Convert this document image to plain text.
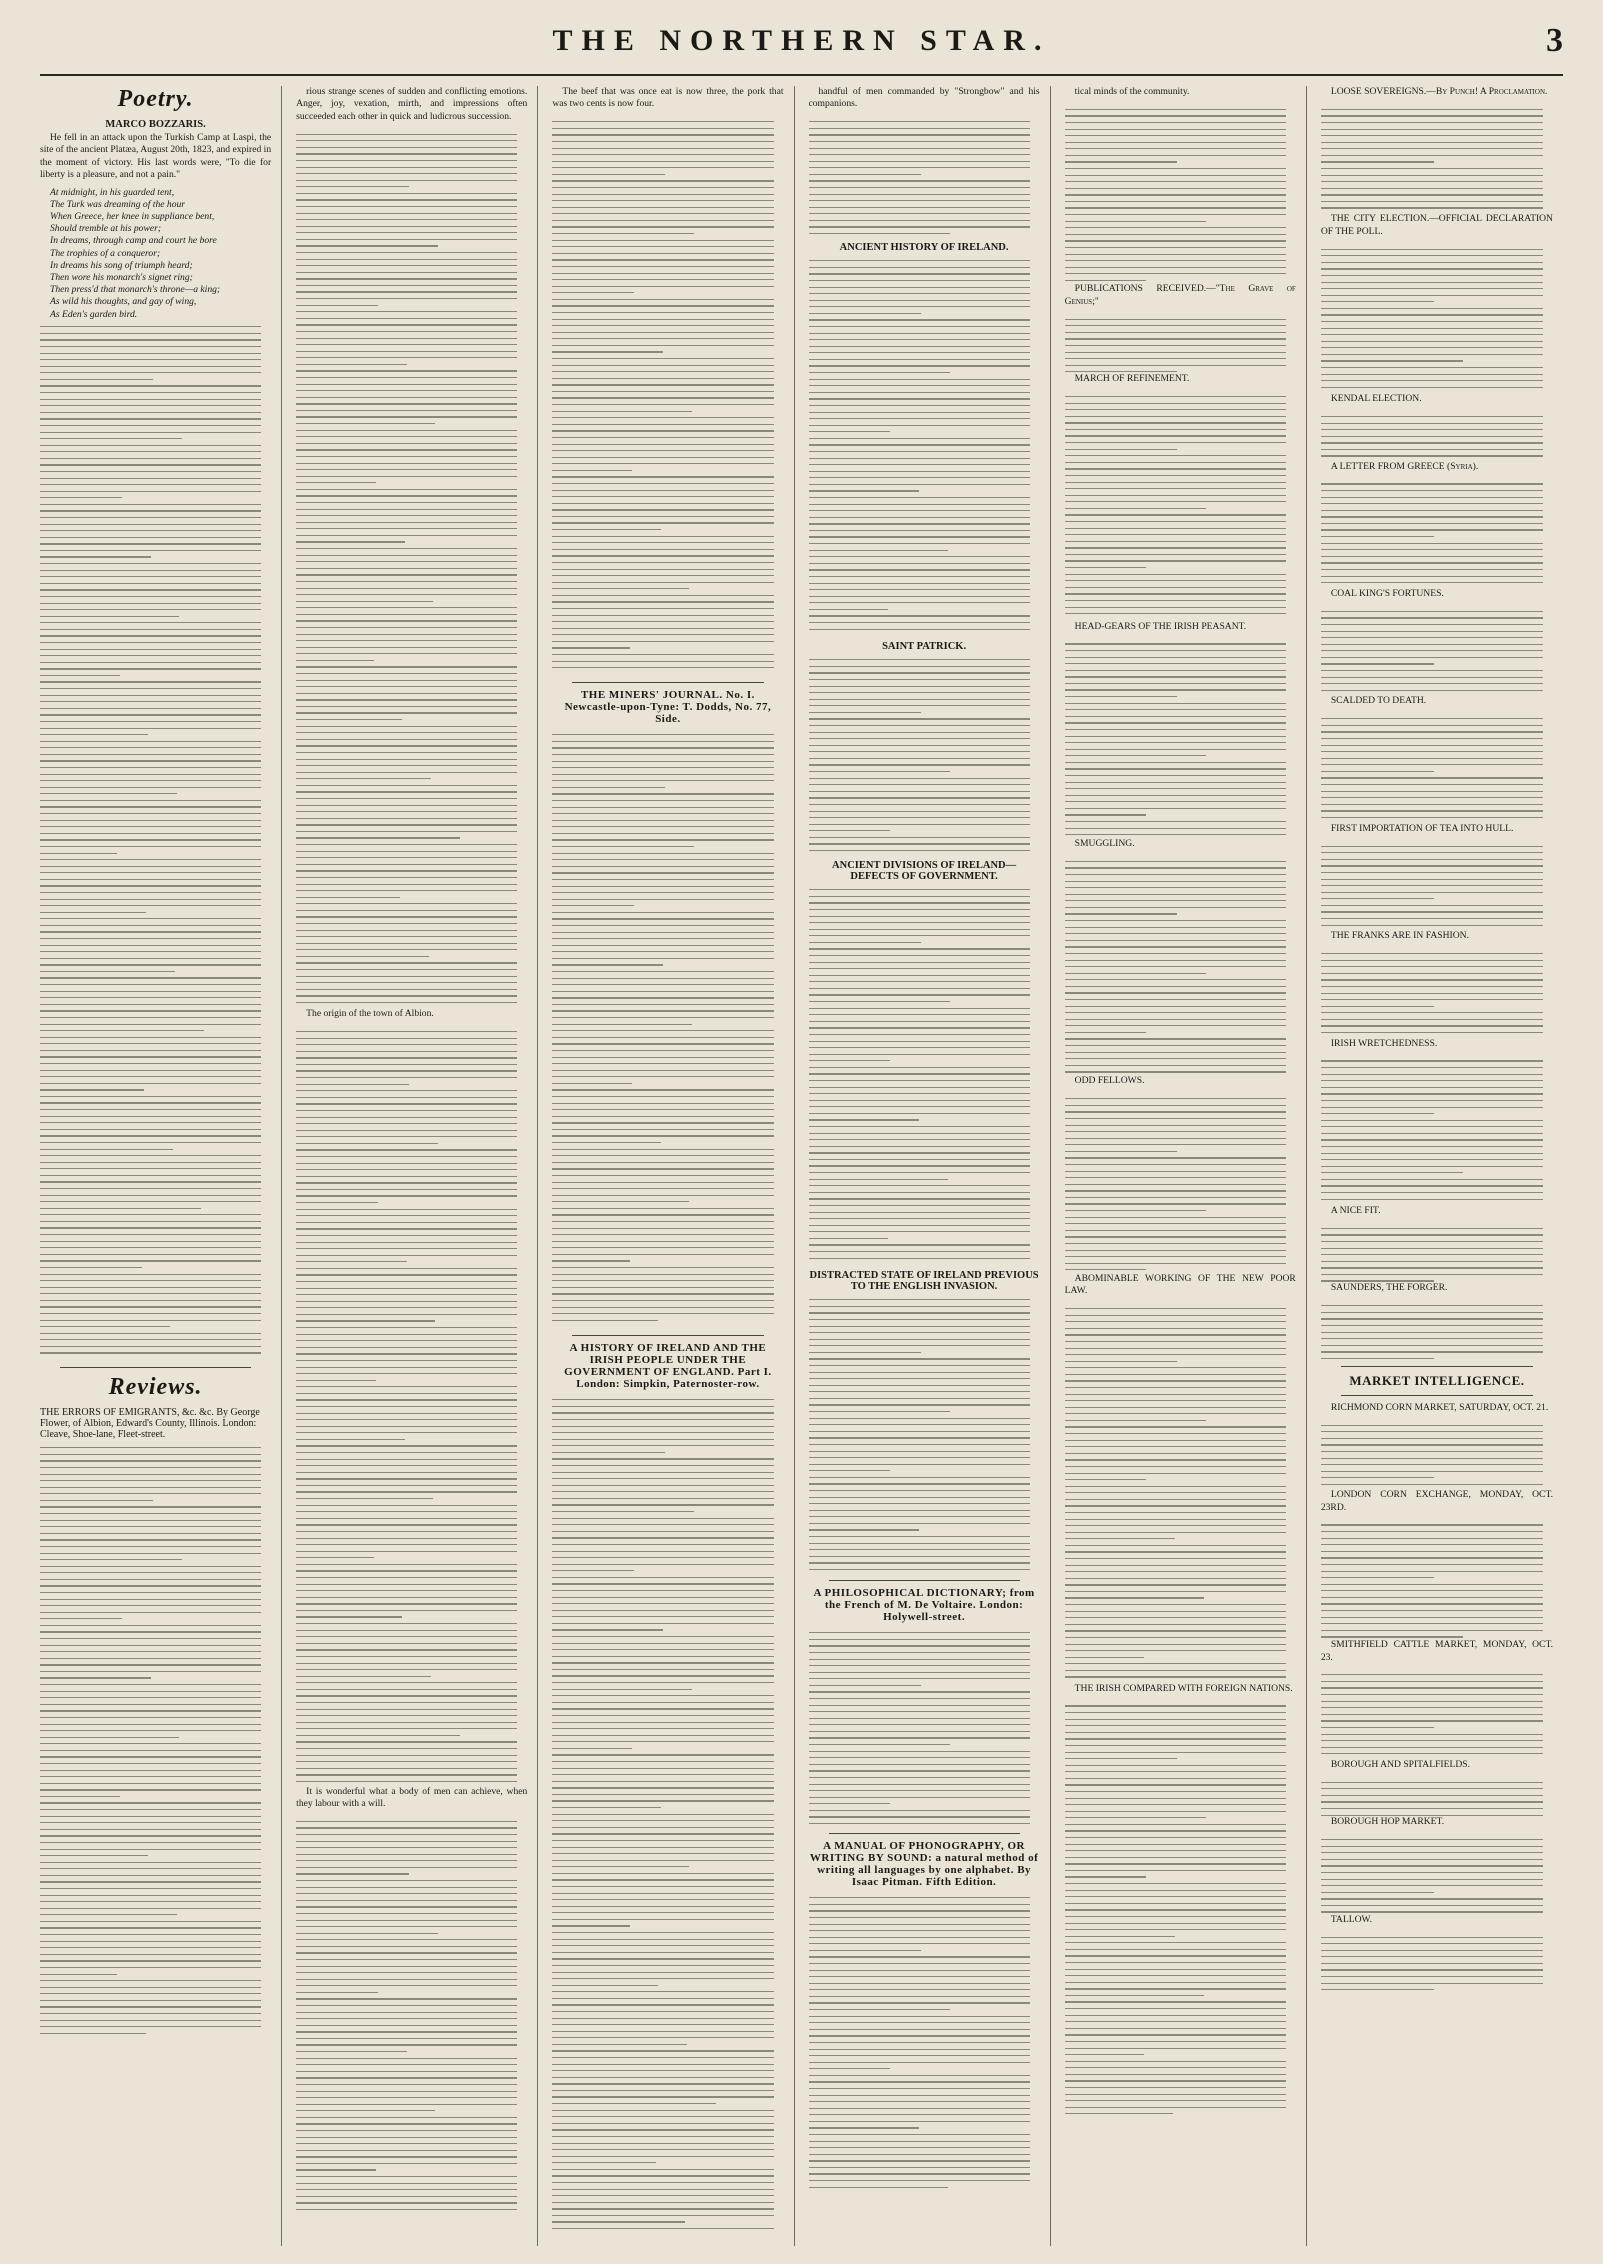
THE NORTHERN STAR.	3
Poetry.
MARCO BOZZARIS.

He fell in an attack upon the Turkish Camp at Laspi, the site of the ancient Platæa, August 20th, 1823, and expired in the moment of victory. His last words were, "To die for liberty is a pleasure, and not a pain."

At midnight, in his guarded tent,

The Turk was dreaming of the hour

When Greece, her knee in suppliance bent,

Should tremble at his power;

In dreams, through camp and court he bore

The trophies of a conqueror;

In dreams his song of triumph heard;

Then wore his monarch's signet ring;

Then press'd that monarch's throne—a king;

As wild his thoughts, and gay of wing,

As Eden's garden bird.

Reviews.
THE ERRORS OF EMIGRANTS, &c. &c. By George Flower, of Albion, Edward's County, Illinois. London: Cleave, Shoe-lane, Fleet-street.

rious strange scenes of sudden and conflicting emotions. Anger, joy, vexation, mirth, and impressions often succeeded each other in quick and ludicrous succession.

The origin of the town of Albion.

It is wonderful what a body of men can achieve, when they labour with a will.

The beef that was once eat is now three, the pork that was two cents is now four.

THE MINERS' JOURNAL. No. I. Newcastle-upon-Tyne: T. Dodds, No. 77, Side.
A HISTORY OF IRELAND AND THE IRISH PEOPLE UNDER THE GOVERNMENT OF ENGLAND. Part I. London: Simpkin, Paternoster-row.

handful of men commanded by "Strongbow" and his companions.

ANCIENT HISTORY OF IRELAND.
SAINT PATRICK.
ANCIENT DIVISIONS OF IRELAND—DEFECTS OF GOVERNMENT.
DISTRACTED STATE OF IRELAND PREVIOUS TO THE ENGLISH INVASION.
A PHILOSOPHICAL DICTIONARY; from the French of M. De Voltaire. London: Holywell-street.
A MANUAL OF PHONOGRAPHY, OR WRITING BY SOUND: a natural method of writing all languages by one alphabet. By Isaac Pitman. Fifth Edition.

tical minds of the community.

PUBLICATIONS RECEIVED.—"The Grave of Genius;"

MARCH OF REFINEMENT.

HEAD-GEARS OF THE IRISH PEASANT.

SMUGGLING.

ODD FELLOWS.

ABOMINABLE WORKING OF THE NEW POOR LAW.

THE IRISH COMPARED WITH FOREIGN NATIONS.

LOOSE SOVEREIGNS.—By Punch! A Proclamation.

THE CITY ELECTION.—OFFICIAL DECLARATION OF THE POLL.

KENDAL ELECTION.

A LETTER FROM GREECE (Syria).

COAL KING'S FORTUNES.

SCALDED TO DEATH.

FIRST IMPORTATION OF TEA INTO HULL.

THE FRANKS ARE IN FASHION.

IRISH WRETCHEDNESS.

A NICE FIT.

SAUNDERS, THE FORGER.

MARKET INTELLIGENCE.

RICHMOND CORN MARKET, SATURDAY, OCT. 21.

LONDON CORN EXCHANGE, MONDAY, OCT. 23RD.

SMITHFIELD CATTLE MARKET, MONDAY, OCT. 23.

BOROUGH AND SPITALFIELDS.

BOROUGH HOP MARKET.

TALLOW.
